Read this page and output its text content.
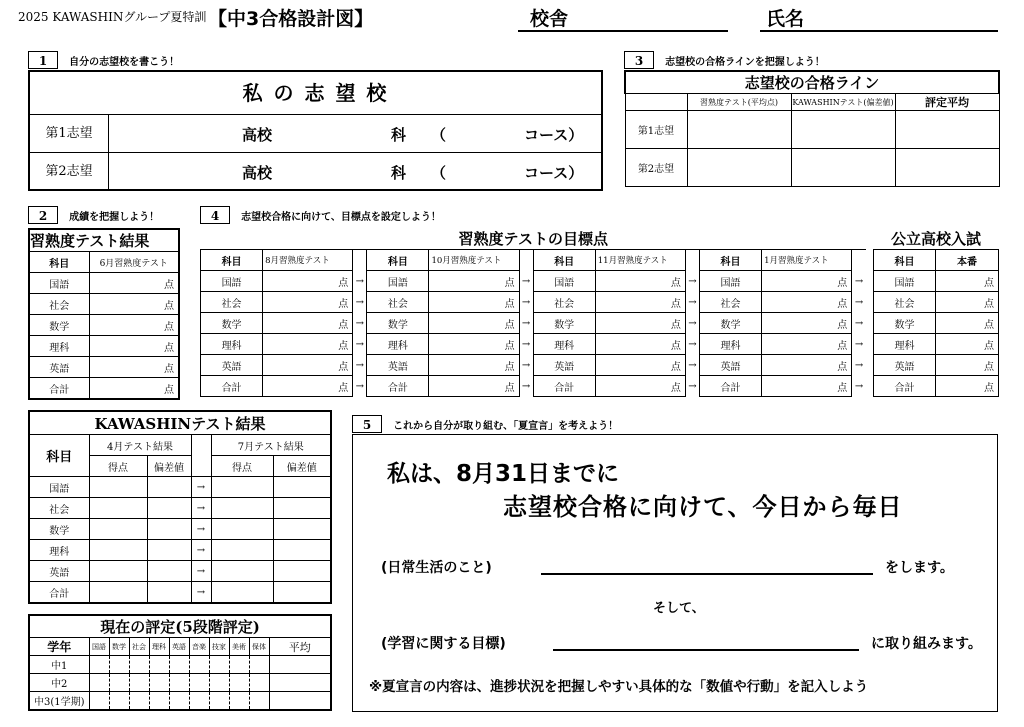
2025 KAWASHINグループ夏特訓 【中3合格設計図】	校舎	氏名
1 自分の志望校を書こう！
私 の 志 望 校
第1志望	高校	科 （	コース）
第2志望	高校	科 （	コース）
3 志望校の合格ラインを把握しよう！
志望校の合格ライン			
	習熟度テスト(平均点)	KAWASHINテスト(偏差値)	評定平均
第1志望			
第2志望			
2 成績を把握しよう！
習熟度テスト結果	
科目	6月習熟度テスト
国語	点
社会	点
数学	点
理科	点
英語	点
合計	点
4 志望校合格に向けて、目標点を設定しよう！
習熟度テストの目標点											
科目	8月習熟度テスト		科目	10月習熟度テスト		科目	11月習熟度テスト		科目	1月習熟度テスト	
国語	点	→	国語	点	→	国語	点	→	国語	点	→
社会	点	→	社会	点	→	社会	点	→	社会	点	→
数学	点	→	数学	点	→	数学	点	→	数学	点	→
理科	点	→	理科	点	→	理科	点	→	理科	点	→
英語	点	→	英語	点	→	英語	点	→	英語	点	→
合計	点	→	合計	点	→	合計	点	→	合計	点	→
公立高校入試	
科目	本番
国語	点
社会	点
数学	点
理科	点
英語	点
合計	点
KAWASHINテスト結果					
科目	4月テスト結果			7月テスト結果	
	得点	偏差値		得点	偏差値
国語			→		
社会			→		
数学			→		
理科			→		
英語			→		
合計			→		
現在の評定(5段階評定)										
学年	国語	数学	社会	理科	英語	音楽	技家	美術	保体	平均
中1										
中2										
中3(1学期)										
5 これから自分が取り組む、「夏宣言」を考えよう！
私は、8月31日までに
志望校合格に向けて、今日から毎日
(日常生活のこと)	をします。
そして、
(学習に関する目標)	に取り組みます。
※夏宣言の内容は、進捗状況を把握しやすい具体的な「数値や行動」を記入しよう
